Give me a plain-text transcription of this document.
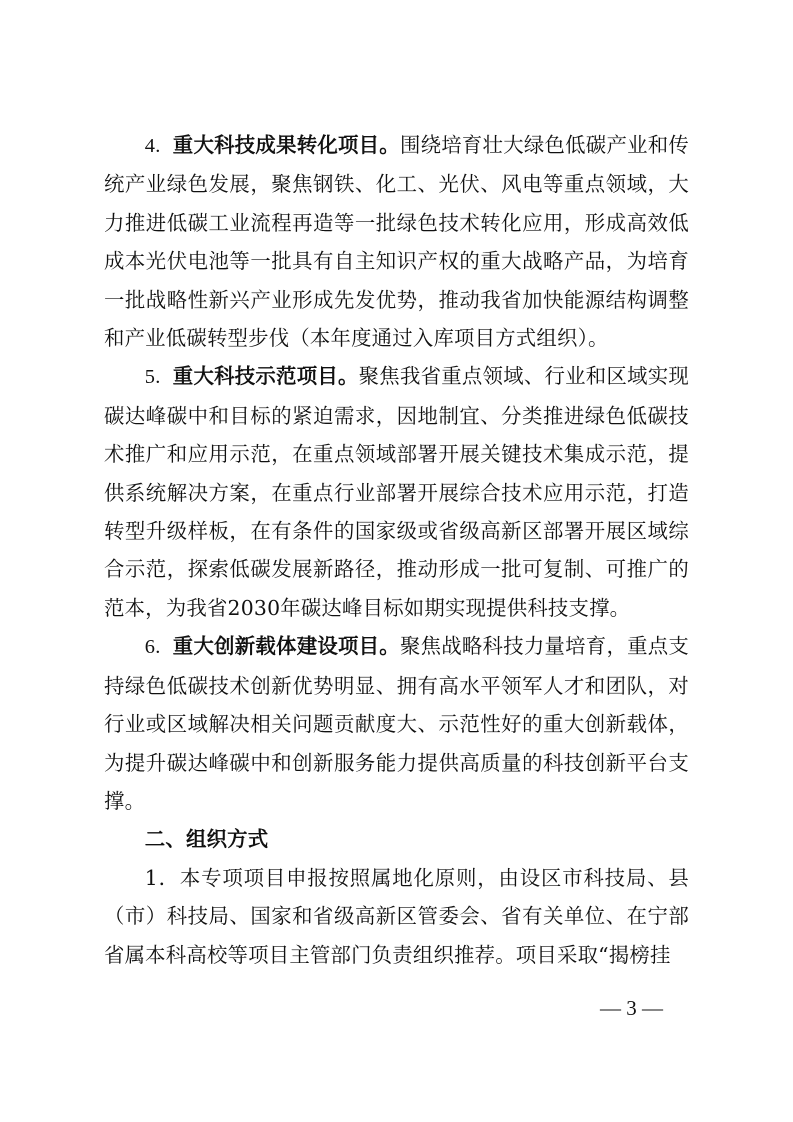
4. 重大科技成果转化项目。围绕培育壮大绿色低碳产业和传统产业绿色发展，聚焦钢铁、化工、光伏、风电等重点领域，大力推进低碳工业流程再造等一批绿色技术转化应用，形成高效低成本光伏电池等一批具有自主知识产权的重大战略产品，为培育一批战略性新兴产业形成先发优势，推动我省加快能源结构调整和产业低碳转型步伐（本年度通过入库项目方式组织）。

5. 重大科技示范项目。聚焦我省重点领域、行业和区域实现碳达峰碳中和目标的紧迫需求，因地制宜、分类推进绿色低碳技术推广和应用示范，在重点领域部署开展关键技术集成示范，提供系统解决方案，在重点行业部署开展综合技术应用示范，打造转型升级样板，在有条件的国家级或省级高新区部署开展区域综合示范，探索低碳发展新路径，推动形成一批可复制、可推广的范本，为我省2030年碳达峰目标如期实现提供科技支撑。

6. 重大创新载体建设项目。聚焦战略科技力量培育，重点支持绿色低碳技术创新优势明显、拥有高水平领军人才和团队，对行业或区域解决相关问题贡献度大、示范性好的重大创新载体，为提升碳达峰碳中和创新服务能力提供高质量的科技创新平台支撑。

二、组织方式

1．本专项项目申报按照属地化原则，由设区市科技局、县（市）科技局、国家和省级高新区管委会、省有关单位、在宁部省属本科高校等项目主管部门负责组织推荐。项目采取“揭榜挂

— 3 —
